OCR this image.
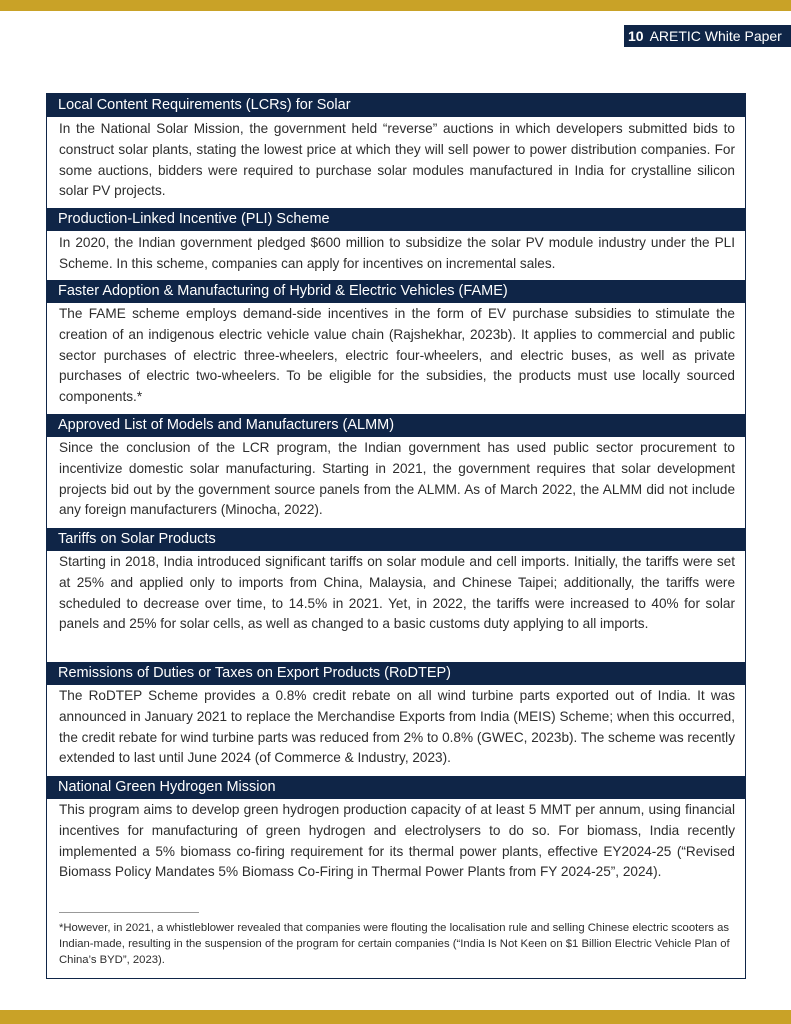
10 ARETIC White Paper
Local Content Requirements (LCRs) for Solar
In the National Solar Mission, the government held “reverse” auctions in which developers submitted bids to construct solar plants, stating the lowest price at which they will sell power to power distribution companies. For some auctions, bidders were required to purchase solar modules manufactured in India for crystalline silicon solar PV projects.
Production-Linked Incentive (PLI) Scheme
In 2020, the Indian government pledged $600 million to subsidize the solar PV module industry under the PLI Scheme. In this scheme, companies can apply for incentives on incremental sales.
Faster Adoption & Manufacturing of Hybrid & Electric Vehicles (FAME)
The FAME scheme employs demand-side incentives in the form of EV purchase subsidies to stimulate the creation of an indigenous electric vehicle value chain (Rajshekhar, 2023b). It applies to commercial and public sector purchases of electric three-wheelers, electric four-wheelers, and electric buses, as well as private purchases of electric two-wheelers. To be eligible for the subsidies, the products must use locally sourced components.*
Approved List of Models and Manufacturers (ALMM)
Since the conclusion of the LCR program, the Indian government has used public sector procurement to incentivize domestic solar manufacturing. Starting in 2021, the government requires that solar development projects bid out by the government source panels from the ALMM. As of March 2022, the ALMM did not include any foreign manufacturers (Minocha, 2022).
Tariffs on Solar Products
Starting in 2018, India introduced significant tariffs on solar module and cell imports. Initially, the tariffs were set at 25% and applied only to imports from China, Malaysia, and Chinese Taipei; additionally, the tariffs were scheduled to decrease over time, to 14.5% in 2021. Yet, in 2022, the tariffs were increased to 40% for solar panels and 25% for solar cells, as well as changed to a basic customs duty applying to all imports.
Remissions of Duties or Taxes on Export Products (RoDTEP)
The RoDTEP Scheme provides a 0.8% credit rebate on all wind turbine parts exported out of India. It was announced in January 2021 to replace the Merchandise Exports from India (MEIS) Scheme; when this occurred, the credit rebate for wind turbine parts was reduced from 2% to 0.8% (GWEC, 2023b). The scheme was recently extended to last until June 2024 (of Commerce & Industry, 2023).
National Green Hydrogen Mission
This program aims to develop green hydrogen production capacity of at least 5 MMT per annum, using financial incentives for manufacturing of green hydrogen and electrolysers to do so. For biomass, India recently implemented a 5% biomass co-firing requirement for its thermal power plants, effective EY2024-25 (“Revised Biomass Policy Mandates 5% Biomass Co-Firing in Thermal Power Plants from FY 2024-25”, 2024).
*However, in 2021, a whistleblower revealed that companies were flouting the localisation rule and selling Chinese electric scooters as Indian-made, resulting in the suspension of the program for certain companies (“India Is Not Keen on $1 Billion Electric Vehicle Plan of China’s BYD”, 2023).
